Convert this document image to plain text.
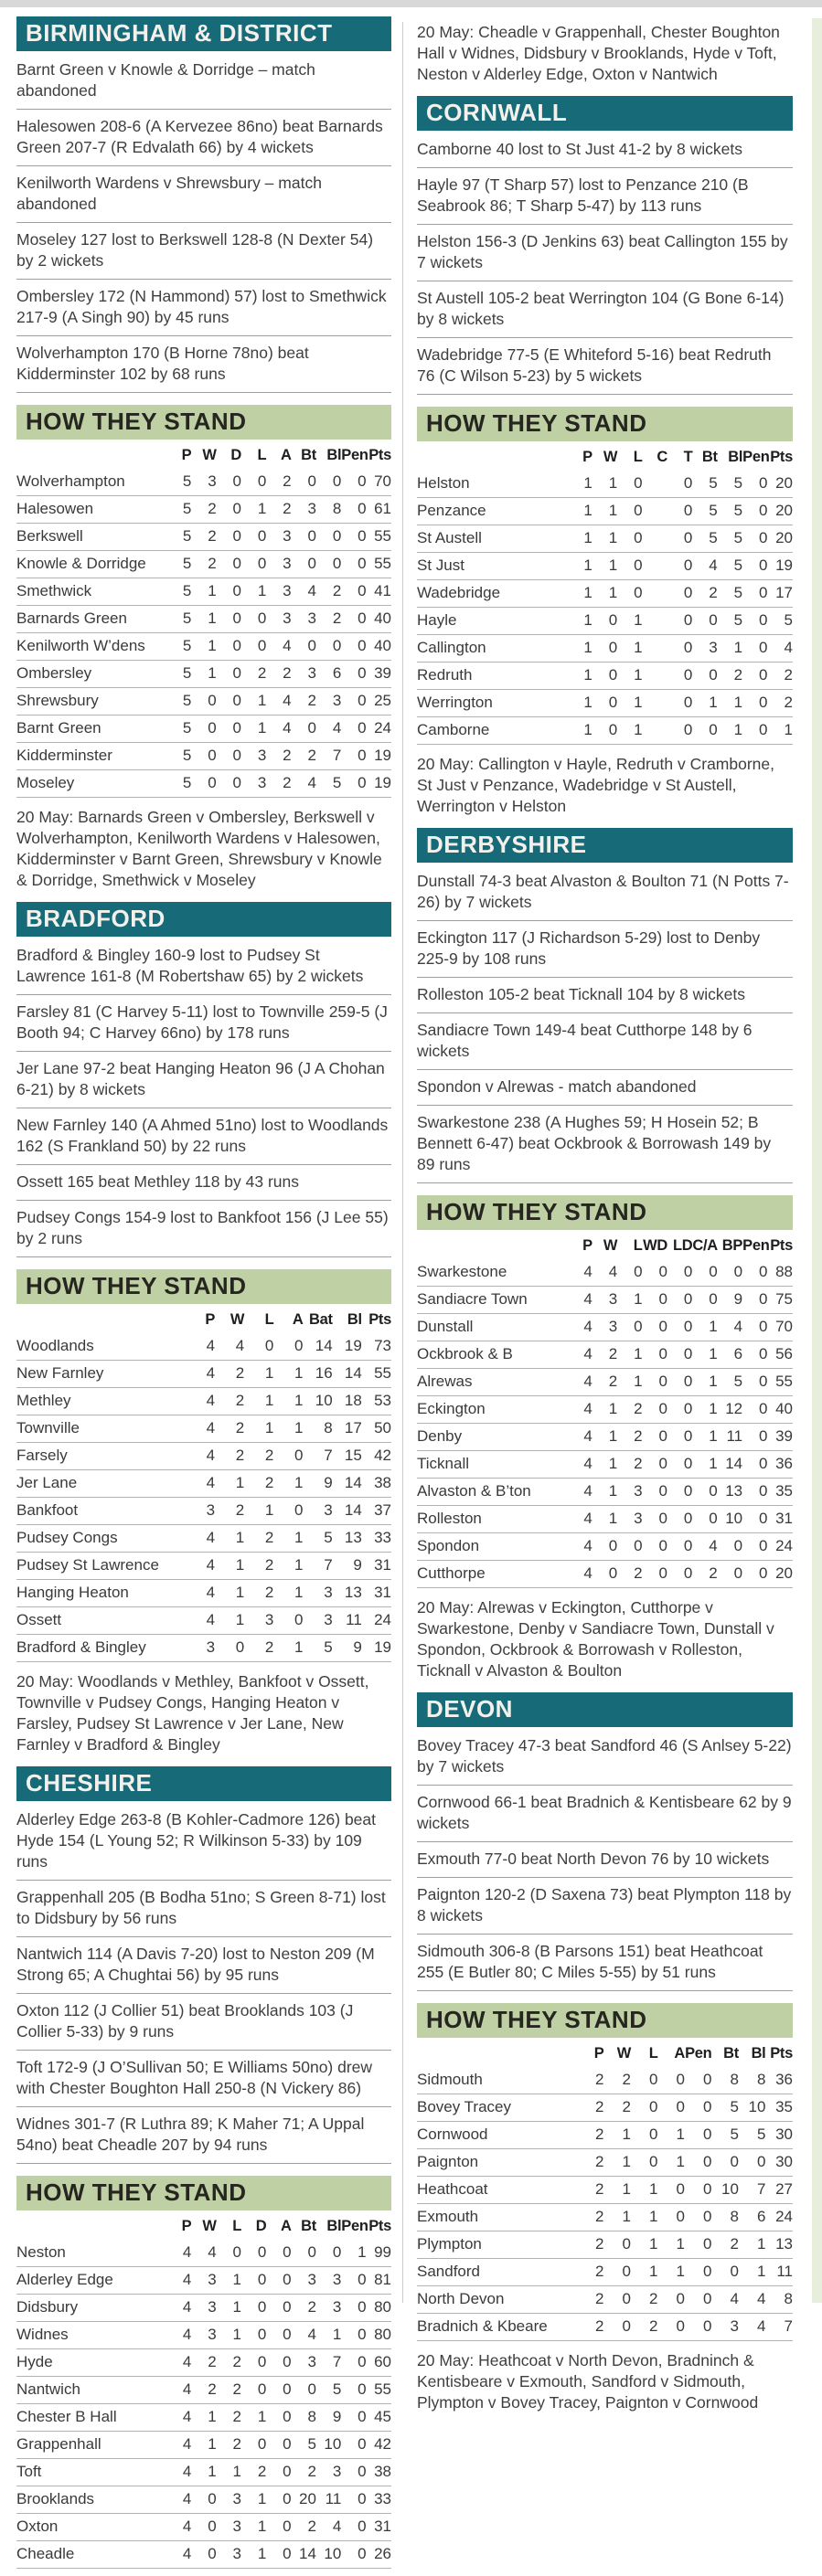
BIRMINGHAM & DISTRICT

Barnt Green v Knowle & Dorridge – match abandoned

Halesowen 208-6 (A Kervezee 86no) beat Barnards Green 207-7 (R Edvalath 66) by 4 wickets

Kenilworth Wardens v Shrewsbury – match abandoned

Moseley 127 lost to Berkswell 128-8 (N Dexter 54) by 2 wickets

Ombersley 172 (N Hammond) 57) lost to Smethwick 217-9 (A Singh 90) by 45 runs

Wolverhampton 170 (B Horne 78no) beat Kidderminster 102 by 68 runs

HOW THEY STAND
	P	W	D	L	A	Bt	Bl	Pen	Pts
Wolverhampton	5	3	0	0	2	0	0	0	70
Halesowen	5	2	0	1	2	3	8	0	61
Berkswell	5	2	0	0	3	0	0	0	55
Knowle & Dorridge	5	2	0	0	3	0	0	0	55
Smethwick	5	1	0	1	3	4	2	0	41
Barnards Green	5	1	0	0	3	3	2	0	40
Kenilworth W’dens	5	1	0	0	4	0	0	0	40
Ombersley	5	1	0	2	2	3	6	0	39
Shrewsbury	5	0	0	1	4	2	3	0	25
Barnt Green	5	0	0	1	4	0	4	0	24
Kidderminster	5	0	0	3	2	2	7	0	19
Moseley	5	0	0	3	2	4	5	0	19

20 May: Barnards Green v Ombersley, Berkswell v Wolverhampton, Kenilworth Wardens v Halesowen, Kidderminster v Barnt Green, Shrewsbury v Knowle & Dorridge, Smethwick v Moseley

BRADFORD

Bradford & Bingley 160-9 lost to Pudsey St Lawrence 161-8 (M Robertshaw 65) by 2 wickets

Farsley 81 (C Harvey 5-11) lost to Townville 259-5 (J Booth 94; C Harvey 66no) by 178 runs

Jer Lane 97-2 beat Hanging Heaton 96 (J A Chohan 6-21) by 8 wickets

New Farnley 140 (A Ahmed 51no) lost to Woodlands 162 (S Frankland 50) by 22 runs

Ossett 165 beat Methley 118 by 43 runs

Pudsey Congs 154-9 lost to Bankfoot 156 (J Lee 55) by 2 runs

HOW THEY STAND
	P	W	L	A	Bat	Bl	Pts
Woodlands	4	4	0	0	14	19	73
New Farnley	4	2	1	1	16	14	55
Methley	4	2	1	1	10	18	53
Townville	4	2	1	1	8	17	50
Farsely	4	2	2	0	7	15	42
Jer Lane	4	1	2	1	9	14	38
Bankfoot	3	2	1	0	3	14	37
Pudsey Congs	4	1	2	1	5	13	33
Pudsey St Lawrence	4	1	2	1	7	9	31
Hanging Heaton	4	1	2	1	3	13	31
Ossett	4	1	3	0	3	11	24
Bradford & Bingley	3	0	2	1	5	9	19

20 May: Woodlands v Methley, Bankfoot v Ossett, Townville v Pudsey Congs, Hanging Heaton v Farsley, Pudsey St Lawrence v Jer Lane, New Farnley v Bradford & Bingley

CHESHIRE

Alderley Edge 263-8 (B Kohler-Cadmore 126) beat Hyde 154 (L Young 52; R Wilkinson 5-33) by 109 runs

Grappenhall 205 (B Bodha 51no; S Green 8-71) lost to Didsbury by 56 runs

Nantwich 114 (A Davis 7-20) lost to Neston 209 (M Strong 65; A Chughtai 56) by 95 runs

Oxton 112 (J Collier 51) beat Brooklands 103 (J Collier 5-33) by 9 runs

Toft 172-9 (J O’Sullivan 50; E Williams 50no) drew with Chester Boughton Hall 250-8 (N Vickery 86)

Widnes 301-7 (R Luthra 89; K Maher 71; A Uppal 54no) beat Cheadle 207 by 94 runs

HOW THEY STAND
	P	W	L	D	A	Bt	Bl	Pen	Pts
Neston	4	4	0	0	0	0	0	1	99
Alderley Edge	4	3	1	0	0	3	3	0	81
Didsbury	4	3	1	0	0	2	3	0	80
Widnes	4	3	1	0	0	4	1	0	80
Hyde	4	2	2	0	0	3	7	0	60
Nantwich	4	2	2	0	0	0	5	0	55
Chester B Hall	4	1	2	1	0	8	9	0	45
Grappenhall	4	1	2	0	0	5	10	0	42
Toft	4	1	1	2	0	2	3	0	38
Brooklands	4	0	3	1	0	20	11	0	33
Oxton	4	0	3	1	0	2	4	0	31
Cheadle	4	0	3	1	0	14	10	0	26

20 May: Cheadle v Grappenhall, Chester Boughton Hall v Widnes, Didsbury v Brooklands, Hyde v Toft, Neston v Alderley Edge, Oxton v Nantwich

CORNWALL

Camborne 40 lost to St Just 41-2 by 8 wickets

Hayle 97 (T Sharp 57) lost to Penzance 210 (B Seabrook 86; T Sharp 5-47) by 113 runs

Helston 156-3 (D Jenkins 63) beat Callington 155 by 7 wickets

St Austell 105-2 beat Werrington 104 (G Bone 6-14) by 8 wickets

Wadebridge 77-5 (E Whiteford 5-16) beat Redruth 76 (C Wilson 5-23) by 5 wickets

HOW THEY STAND
	P	W	L	C	T	Bt	Bl	Pen	Pts
Helston	1	1	0		0	5	5	0	20
Penzance	1	1	0		0	5	5	0	20
St Austell	1	1	0		0	5	5	0	20
St Just	1	1	0		0	4	5	0	19
Wadebridge	1	1	0		0	2	5	0	17
Hayle	1	0	1		0	0	5	0	5
Callington	1	0	1		0	3	1	0	4
Redruth	1	0	1		0	0	2	0	2
Werrington	1	0	1		0	1	1	0	2
Camborne	1	0	1		0	0	1	0	1

20 May: Callington v Hayle, Redruth v Cramborne, St Just v Penzance, Wadebridge v St Austell, Werrington v Helston

DERBYSHIRE

Dunstall 74-3 beat Alvaston & Boulton 71 (N Potts 7-26) by 7 wickets

Eckington 117 (J Richardson 5-29) lost to Denby 225-9 by 108 runs

Rolleston 105-2 beat Ticknall 104 by 8 wickets

Sandiacre Town 149-4 beat Cutthorpe 148 by 6 wickets

Spondon v Alrewas - match abandoned

Swarkestone 238 (A Hughes 59; H Hosein 52; B Bennett 6-47) beat Ockbrook & Borrowash 149 by 89 runs

HOW THEY STAND
	P	W	L	WD	LD	C/A	BP	Pen	Pts
Swarkestone	4	4	0	0	0	0	0	0	88
Sandiacre Town	4	3	1	0	0	0	9	0	75
Dunstall	4	3	0	0	0	1	4	0	70
Ockbrook & B	4	2	1	0	0	1	6	0	56
Alrewas	4	2	1	0	0	1	5	0	55
Eckington	4	1	2	0	0	1	12	0	40
Denby	4	1	2	0	0	1	11	0	39
Ticknall	4	1	2	0	0	1	14	0	36
Alvaston & B’ton	4	1	3	0	0	0	13	0	35
Rolleston	4	1	3	0	0	0	10	0	31
Spondon	4	0	0	0	0	4	0	0	24
Cutthorpe	4	0	2	0	0	2	0	0	20

20 May: Alrewas v Eckington, Cutthorpe v Swarkestone, Denby v Sandiacre Town, Dunstall v Spondon, Ockbrook & Borrowash v Rolleston, Ticknall v Alvaston & Boulton

DEVON

Bovey Tracey 47-3 beat Sandford 46 (S Anlsey 5-22) by 7 wickets

Cornwood 66-1 beat Bradnich & Kentisbeare 62 by 9 wickets

Exmouth 77-0 beat North Devon 76 by 10 wickets

Paignton 120-2 (D Saxena 73) beat Plympton 118 by 8 wickets

Sidmouth 306-8 (B Parsons 151) beat Heathcoat 255 (E Butler 80; C Miles 5-55) by 51 runs

HOW THEY STAND
	P	W	L	A	Pen	Bt	Bl	Pts
Sidmouth	2	2	0	0	0	8	8	36
Bovey Tracey	2	2	0	0	0	5	10	35
Cornwood	2	1	0	1	0	5	5	30
Paignton	2	1	0	1	0	0	0	30
Heathcoat	2	1	1	0	0	10	7	27
Exmouth	2	1	1	0	0	8	6	24
Plympton	2	0	1	1	0	2	1	13
Sandford	2	0	1	1	0	0	1	11
North Devon	2	0	2	0	0	4	4	8
Bradnich & Kbeare	2	0	2	0	0	3	4	7

20 May: Heathcoat v North Devon, Bradninch & Kentisbeare v Exmouth, Sandford v Sidmouth, Plympton v Bovey Tracey, Paignton v Cornwood
